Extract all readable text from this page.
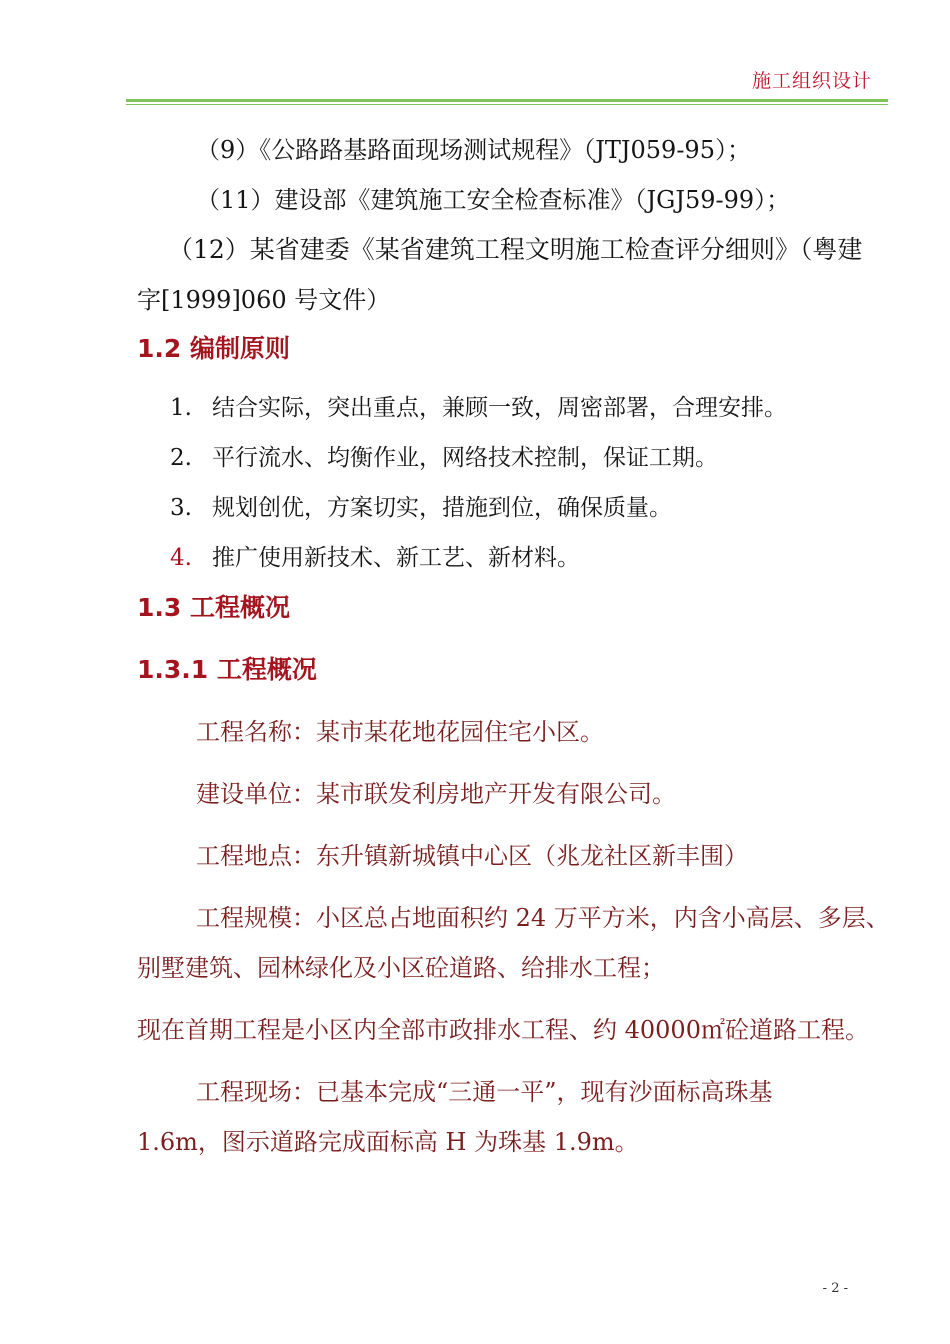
施工组织设计
（9）《公路路基路面现场测试规程》（JTJ059-95）；
（11）建设部《建筑施工安全检查标准》（JGJ59-99）；
（12）某省建委《某省建筑工程文明施工检查评分细则》（粤建
字[1999]060 号文件）
1.2 编制原则
1. 结合实际，突出重点，兼顾一致，周密部署，合理安排。
2. 平行流水、均衡作业，网络技术控制，保证工期。
3. 规划创优，方案切实，措施到位，确保质量。
4. 推广使用新技术、新工艺、新材料。
1.3 工程概况
1.3.1 工程概况
工程名称：某市某花地花园住宅小区。
建设单位：某市联发利房地产开发有限公司。
工程地点：东升镇新城镇中心区（兆龙社区新丰围）
工程规模：小区总占地面积约 24 万平方米，内含小高层、多层、
别墅建筑、园林绿化及小区砼道路、给排水工程；
现在首期工程是小区内全部市政排水工程、约 40000㎡砼道路工程。
工程现场：已基本完成“三通一平”，现有沙面标高珠基
1.6m，图示道路完成面标高 H 为珠基 1.9m。
- 2 -
